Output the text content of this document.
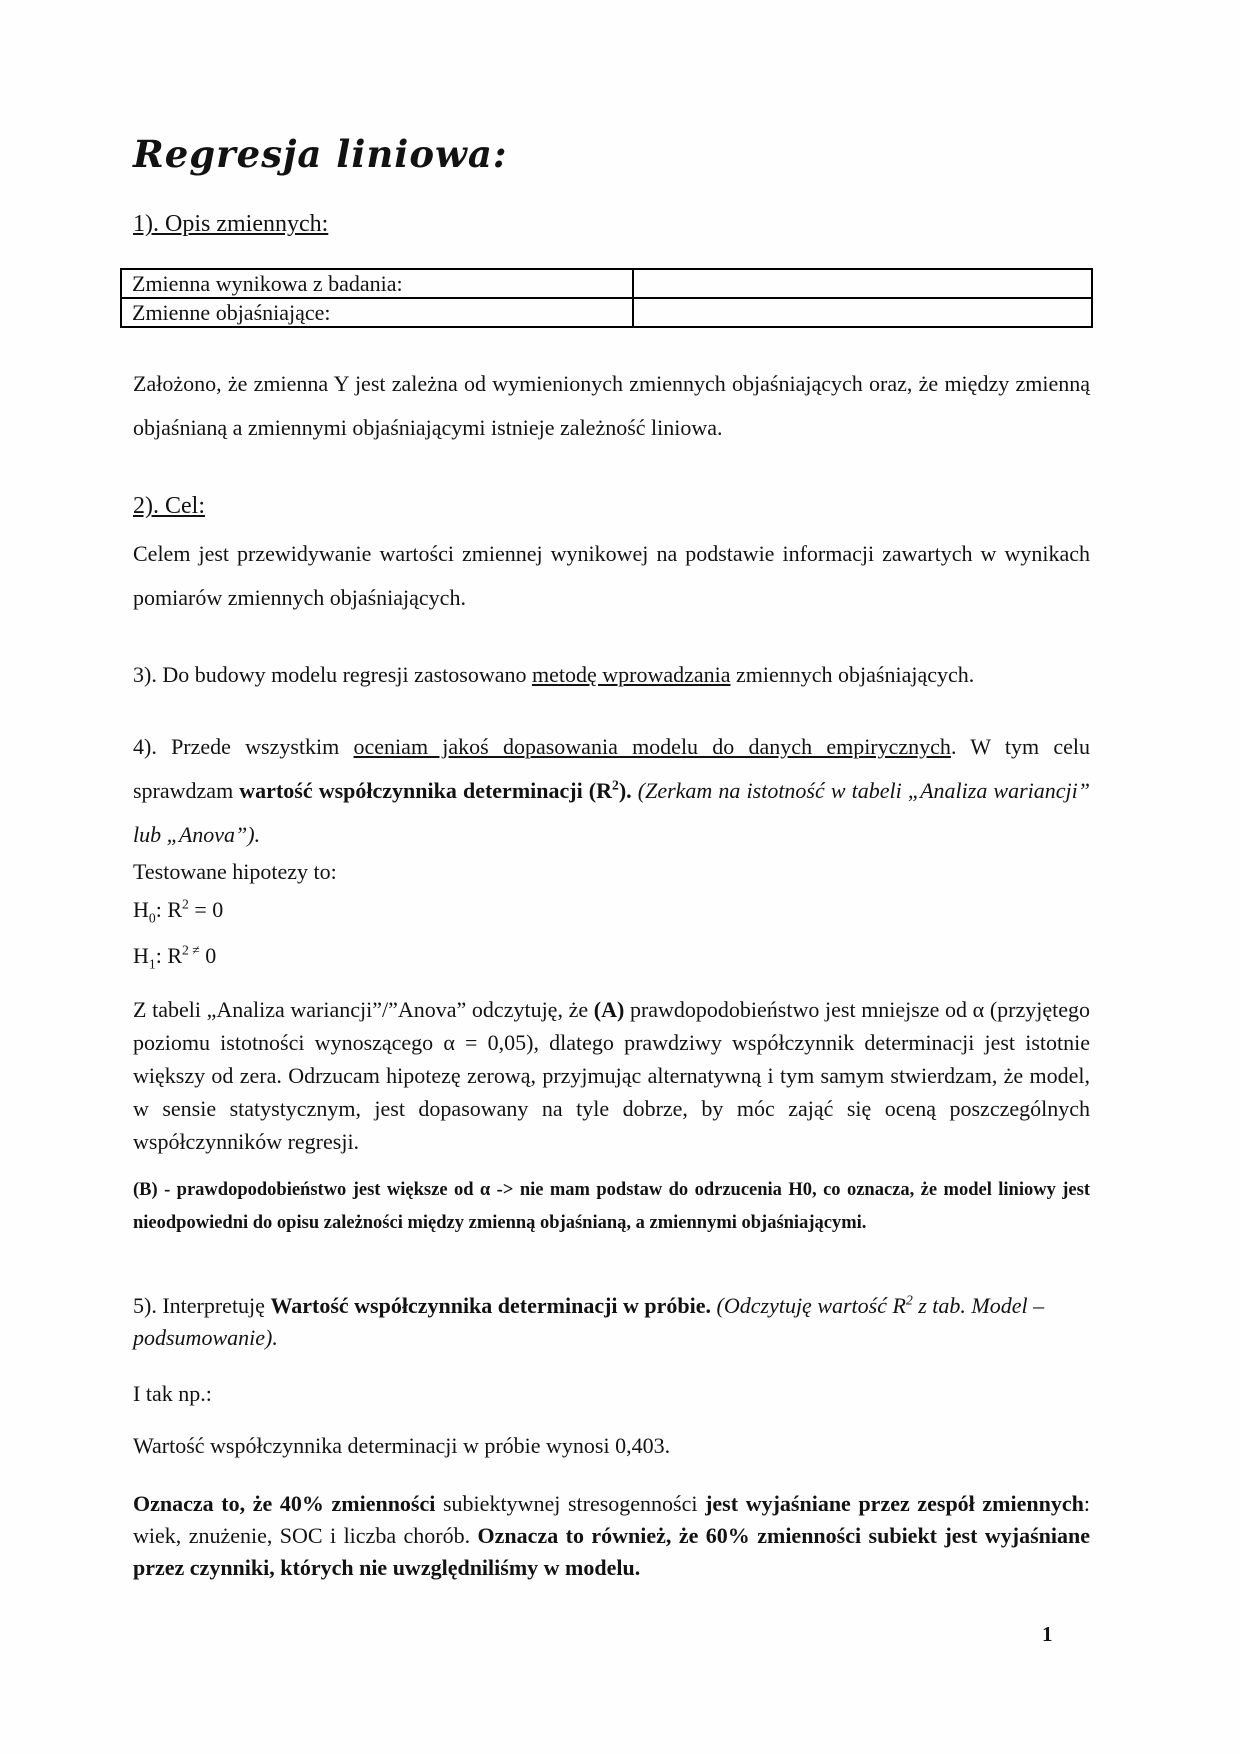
Regresja liniowa:
1). Opis zmiennych:
Zmienna wynikowa z badania:	
Zmienne objaśniające:	

Założono, że zmienna Y jest zależna od wymienionych zmiennych objaśniających oraz, że między zmienną objaśnianą a zmiennymi objaśniającymi istnieje zależność liniowa.

2). Cel:

Celem jest przewidywanie wartości zmiennej wynikowej na podstawie informacji zawartych w wynikach pomiarów zmiennych objaśniających.

3). Do budowy modelu regresji zastosowano metodę wprowadzania zmiennych objaśniających.

4). Przede wszystkim oceniam jakoś dopasowania modelu do danych empirycznych. W tym celu sprawdzam wartość współczynnika determinacji $(R^2)$. (Zerkam na istotność w tabeli „Analiza wariancji” lub „Anova”).

Testowane hipotezy to:

$H_0$: $R^2 = 0$

$H_1$: $R^{2 \ne}$ 0

Z tabeli „Analiza wariancji”/”Anova” odczytuję, że (A) prawdopodobieństwo jest mniejsze od α (przyjętego poziomu istotności wynoszącego α = 0,05), dlatego prawdziwy współczynnik determinacji jest istotnie większy od zera. Odrzucam hipotezę zerową, przyjmując alternatywną i tym samym stwierdzam, że model, w sensie statystycznym, jest dopasowany na tyle dobrze, by móc zająć się oceną poszczególnych współczynników regresji.

(B) - prawdopodobieństwo jest większe od α -> nie mam podstaw do odrzucenia H0, co oznacza, że model liniowy jest nieodpowiedni do opisu zależności między zmienną objaśnianą, a zmiennymi objaśniającymi.

5). Interpretuję Wartość współczynnika determinacji w próbie. (Odczytuję wartość $R^2$ z tab. Model – podsumowanie).

I tak np.:

Wartość współczynnika determinacji w próbie wynosi 0,403.

Oznacza to, że 40% zmienności subiektywnej stresogenności jest wyjaśniane przez zespół zmiennych: wiek, znużenie, SOC i liczba chorób. Oznacza to również, że 60% zmienności subiekt jest wyjaśniane przez czynniki, których nie uwzględniliśmy w modelu.

1
